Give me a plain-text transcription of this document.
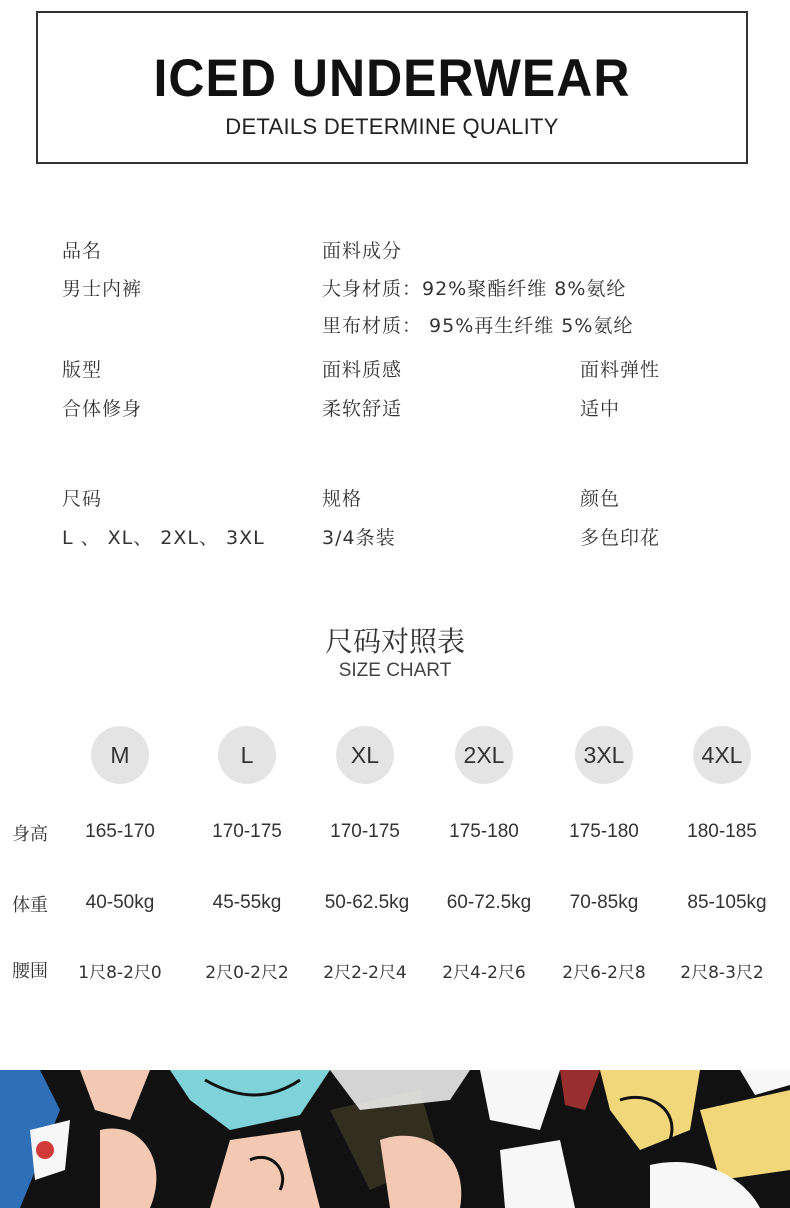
ICED UNDERWEAR
DETAILS DETERMINE QUALITY
品名
男士内裤
面料成分
大身材质：92%聚酯纤维 8%氨纶
里布材质： 95%再生纤维 5%氨纶
版型
合体修身
面料质感
柔软舒适
面料弹性
适中
尺码
L 、 XL、 2XL、 3XL
规格
3/4条装
颜色
多色印花
尺码对照表
SIZE CHART
M	L	XL	2XL	3XL	4XL
身高	165-170	170-175	170-175	175-180	175-180	180-185
体重	40-50kg	45-55kg	50-62.5kg	60-72.5kg	70-85kg	85-105kg
腰围	1尺8-2尺0	2尺0-2尺2	2尺2-2尺4	2尺4-2尺6	2尺6-2尺8	2尺8-3尺2
